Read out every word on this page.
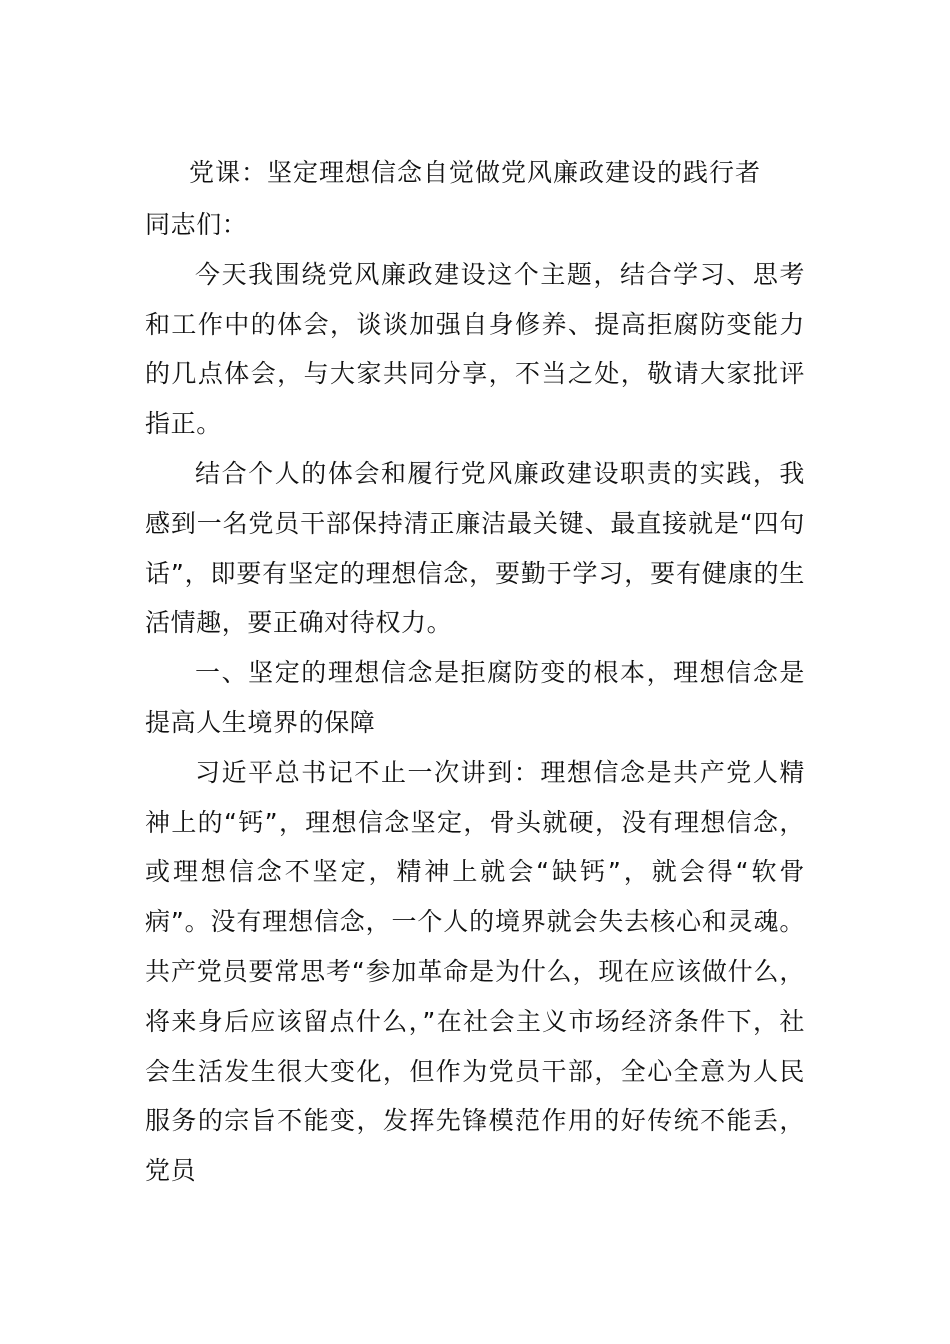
党课：坚定理想信念自觉做党风廉政建设的践行者

同志们：

今天我围绕党风廉政建设这个主题，结合学习、思考和工作中的体会，谈谈加强自身修养、提高拒腐防变能力的几点体会，与大家共同分享，不当之处，敬请大家批评指正。

结合个人的体会和履行党风廉政建设职责的实践，我感到一名党员干部保持清正廉洁最关键、最直接就是“四句话”，即要有坚定的理想信念，要勤于学习，要有健康的生活情趣，要正确对待权力。

一、坚定的理想信念是拒腐防变的根本，理想信念是提高人生境界的保障

习近平总书记不止一次讲到：理想信念是共产党人精神上的“钙”，理想信念坚定，骨头就硬，没有理想信念，或理想信念不坚定，精神上就会“缺钙”，就会得“软骨病”。没有理想信念，一个人的境界就会失去核心和灵魂。共产党员要常思考“参加革命是为什么，现在应该做什么，将来身后应该留点什么，”在社会主义市场经济条件下，社会生活发生很大变化，但作为党员干部，全心全意为人民服务的宗旨不能变，发挥先锋模范作用的好传统不能丢，党员
